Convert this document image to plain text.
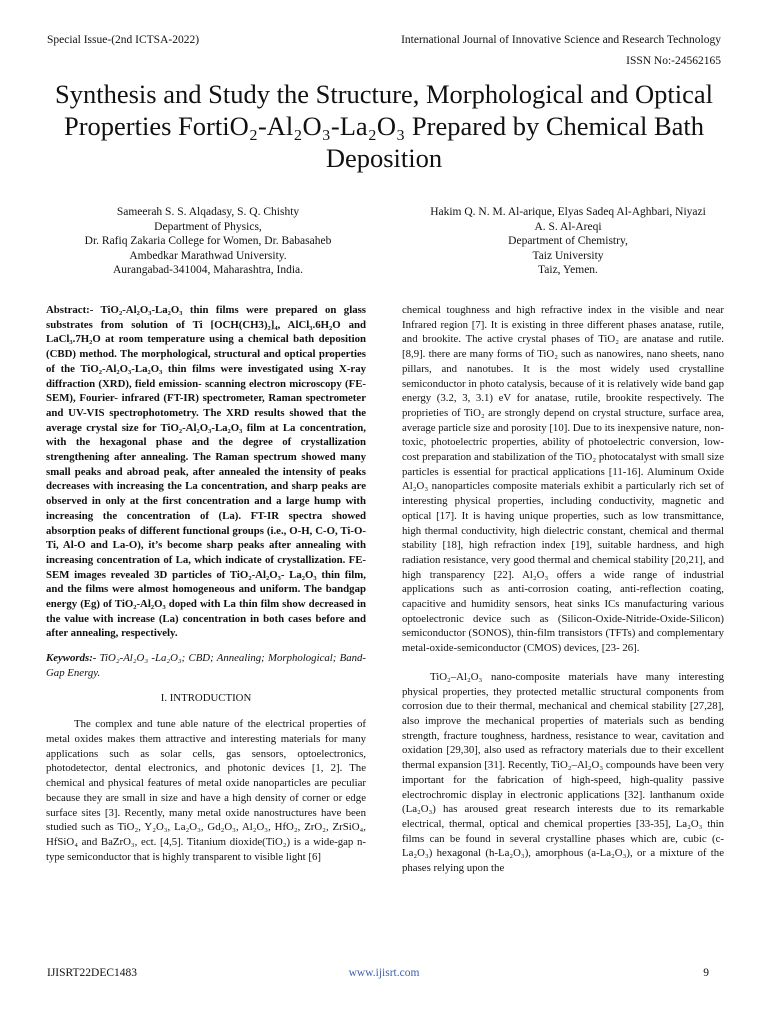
Special Issue-(2nd ICTSA-2022)	International Journal of Innovative Science and Research Technology
ISSN No:-24562165
Synthesis and Study the Structure, Morphological and Optical Properties FortiO₂-Al₂O₃-La₂O₃ Prepared by Chemical Bath Deposition
Sameerah S. S. Alqadasy, S. Q. Chishty
Department of Physics,
Dr. Rafiq Zakaria College for Women, Dr. Babasaheb
Ambedkar Marathwad University.
Aurangabad-341004, Maharashtra, India.
Hakim Q. N. M. Al-arique, Elyas Sadeq Al-Aghbari, Niyazi
A. S. Al-Areqi
Department of Chemistry,
Taiz University
Taiz, Yemen.

Abstract:- TiO₂-Al₂O₃-La₂O₃ thin films were prepared on glass substrates from solution of Ti [OCH(CH3)₂]₄, AlCl₃.6H₂O and LaCl₃.7H₂O at room temperature using a chemical bath deposition (CBD) method. The morphological, structural and optical properties of the TiO₂-Al₂O₃-La₂O₃ thin films were investigated using X-ray diffraction (XRD), field emission- scanning electron microscopy (FE-SEM), Fourier- infrared (FT-IR) spectrometer, Raman spectrometer and UV-VIS spectrophotometry. The XRD results showed that the average crystal size for TiO₂-Al₂O₃-La₂O₃ film at La concentration, with the hexagonal phase and the degree of crystallization strengthening after annealing. The Raman spectrum showed many small peaks and abroad peak, after annealed the intensity of peaks decreases with increasing the La concentration, and sharp peaks are observed in only at the first concentration and a large hump with increasing the concentration of (La). FT-IR spectra showed absorption peaks of different functional groups (i.e., O-H, C-O, Ti-O-Ti, Al-O and La-O), it’s become sharp peaks after annealing with increasing concentration of La, which indicate of crystallization. FE-SEM images revealed 3D particles of TiO₂-Al₂O₃- La₂O₃ thin film, and the films were almost homogeneous and uniform. The bandgap energy (Eg) of TiO₂-Al₂O₃ doped with La thin film show decreased in the value with increase (La) concentration in both cases before and after annealing, respectively.

Keywords:- TiO₂-Al₂O₃ -La₂O₃; CBD; Annealing; Morphological; Band-Gap Energy.

I. INTRODUCTION

The complex and tune able nature of the electrical properties of metal oxides makes them attractive and interesting materials for many applications such as solar cells, gas sensors, optoelectronics, photodetector, dental electronics, and photonic devices [1, 2]. The chemical and physical features of metal oxide nanoparticles are peculiar because they are small in size and have a high density of corner or edge surface sites [3]. Recently, many metal oxide nanostructures have been studied such as TiO₂, Y₂O₃, La₂O₃, Gd₂O₃, Al₂O₃, HfO₂, ZrO₂, ZrSiO₄, HfSiO₄ and BaZrO₃, ect. [4,5]. Titanium dioxide(TiO₂) is a wide-gap n-type semiconductor that is highly transparent to visible light [6]

chemical toughness and high refractive index in the visible and near Infrared region [7]. It is existing in three different phases anatase, rutile, and brookite. The active crystal phases of TiO₂ are anatase and rutile. [8,9]. there are many forms of TiO₂ such as nanowires, nano sheets, nano pillars, and nanotubes. It is the most widely used crystalline semiconductor in photo catalysis, because of it is relatively wide band gap energy (3.2, 3, 3.1) eV for anatase, rutile, brookite respectively. The proprieties of TiO₂ are strongly depend on crystal structure, surface area, average particle size and porosity [10]. Due to its inexpensive nature, non-toxic, photoelectric properties, ability of photoelectric conversion, low-cost preparation and stabilization of the TiO₂ photocatalyst with small size particles is essential for practical applications [11-16]. Aluminum Oxide Al₂O₃ nanoparticles composite materials exhibit a particularly rich set of interesting physical properties, including conductivity, magnetic and optical [17]. It is having unique properties, such as low transmittance, high thermal conductivity, high dielectric constant, chemical and thermal stability [18], high refraction index [19], suitable hardness, and high radiation resistance, very good thermal and chemical stability [20,21], and high transparency [22]. Al₂O₃ offers a wide range of industrial applications such as anti-corrosion coating, anti-reflection coating, capacitive and humidity sensors, heat sinks ICs manufacturing various optoelectronic device such as (Silicon-Oxide-Nitride-Oxide-Silicon) semiconductor (SONOS), thin-film transistors (TFTs) and complementary metal-oxide-semiconductor (CMOS) devices, [23- 26].

TiO₂–Al₂O₃ nano-composite materials have many interesting physical properties, they protected metallic structural components from corrosion due to their thermal, mechanical and chemical stability [27,28], also improve the mechanical properties of materials such as bending strength, fracture toughness, hardness, resistance to wear, cavitation and oxidation [29,30], also used as refractory materials due to their excellent thermal expansion [31]. Recently, TiO₂–Al₂O₃ compounds have been very important for the fabrication of high-speed, high-quality passive electrochromic display in electronic applications [32]. lanthanum oxide (La₂O₃) has aroused great research interests due to its remarkable electrical, thermal, optical and chemical properties [33-35], La₂O₃ thin films can be found in several crystalline phases which are, cubic (c-La₂O₃) hexagonal (h-La₂O₃), amorphous (a-La₂O₃), or a mixture of the phases relying upon the

IJISRT22DEC1483	www.ijisrt.com	9
